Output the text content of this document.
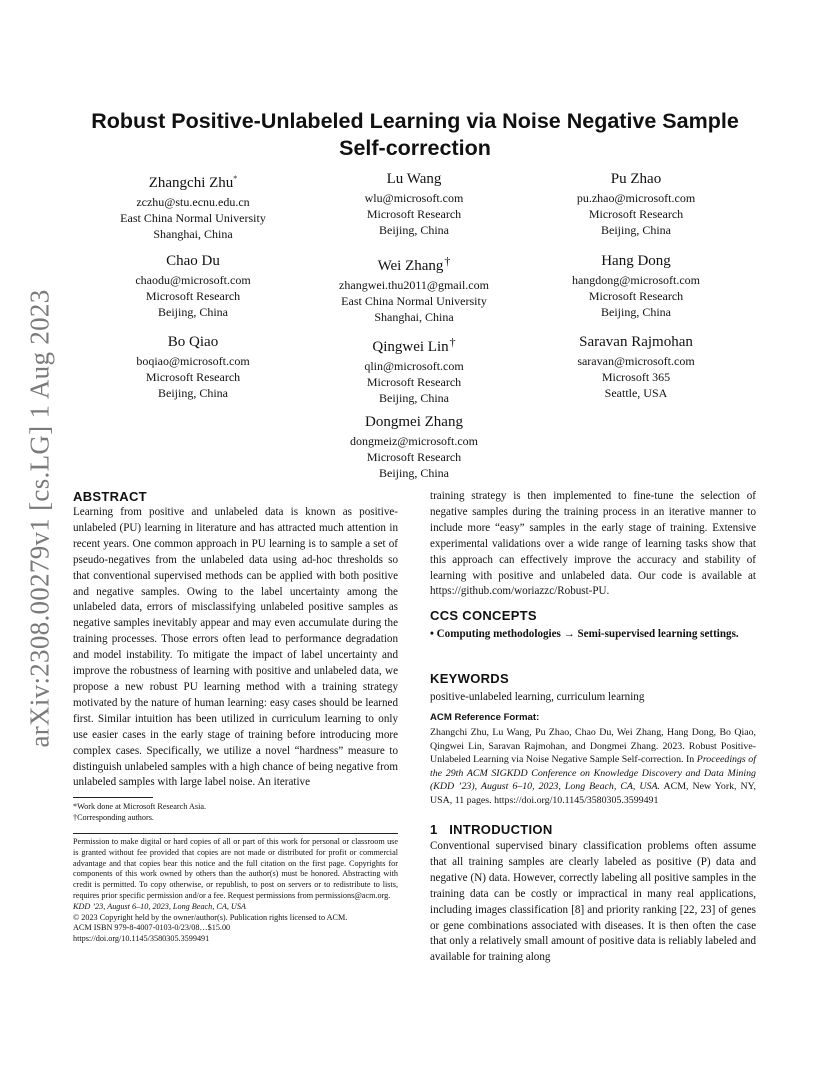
arXiv:2308.00279v1 [cs.LG] 1 Aug 2023
Robust Positive-Unlabeled Learning via Noise Negative Sample Self-correction
Zhangchi Zhu*
zczhu@stu.ecnu.edu.cn
East China Normal University
Shanghai, China
Lu Wang
wlu@microsoft.com
Microsoft Research
Beijing, China
Pu Zhao
pu.zhao@microsoft.com
Microsoft Research
Beijing, China
Chao Du
chaodu@microsoft.com
Microsoft Research
Beijing, China
Wei Zhang†
zhangwei.thu2011@gmail.com
East China Normal University
Shanghai, China
Hang Dong
hangdong@microsoft.com
Microsoft Research
Beijing, China
Bo Qiao
boqiao@microsoft.com
Microsoft Research
Beijing, China
Qingwei Lin†
qlin@microsoft.com
Microsoft Research
Beijing, China
Saravan Rajmohan
saravan@microsoft.com
Microsoft 365
Seattle, USA
Dongmei Zhang
dongmeiz@microsoft.com
Microsoft Research
Beijing, China
ABSTRACT

Learning from positive and unlabeled data is known as positive-unlabeled (PU) learning in literature and has attracted much attention in recent years. One common approach in PU learning is to sample a set of pseudo-negatives from the unlabeled data using ad-hoc thresholds so that conventional supervised methods can be applied with both positive and negative samples. Owing to the label uncertainty among the unlabeled data, errors of misclassifying unlabeled positive samples as negative samples inevitably appear and may even accumulate during the training processes. Those errors often lead to performance degradation and model instability. To mitigate the impact of label uncertainty and improve the robustness of learning with positive and unlabeled data, we propose a new robust PU learning method with a training strategy motivated by the nature of human learning: easy cases should be learned first. Similar intuition has been utilized in curriculum learning to only use easier cases in the early stage of training before introducing more complex cases. Specifically, we utilize a novel “hardness” measure to distinguish unlabeled samples with a high chance of being negative from unlabeled samples with large label noise. An iterative

*Work done at Microsoft Research Asia.
†Corresponding authors.
Permission to make digital or hard copies of all or part of this work for personal or classroom use is granted without fee provided that copies are not made or distributed for profit or commercial advantage and that copies bear this notice and the full citation on the first page. Copyrights for components of this work owned by others than the author(s) must be honored. Abstracting with credit is permitted. To copy otherwise, or republish, to post on servers or to redistribute to lists, requires prior specific permission and/or a fee. Request permissions from permissions@acm.org.
KDD ’23, August 6–10, 2023, Long Beach, CA, USA
© 2023 Copyright held by the owner/author(s). Publication rights licensed to ACM.
ACM ISBN 979-8-4007-0103-0/23/08…$15.00
https://doi.org/10.1145/3580305.3599491

training strategy is then implemented to fine-tune the selection of negative samples during the training process in an iterative manner to include more “easy” samples in the early stage of training. Extensive experimental validations over a wide range of learning tasks show that this approach can effectively improve the accuracy and stability of learning with positive and unlabeled data. Our code is available at https://github.com/woriazzc/Robust-PU.

CCS CONCEPTS

• Computing methodologies → Semi-supervised learning settings.

KEYWORDS

positive-unlabeled learning, curriculum learning

ACM Reference Format:

Zhangchi Zhu, Lu Wang, Pu Zhao, Chao Du, Wei Zhang, Hang Dong, Bo Qiao, Qingwei Lin, Saravan Rajmohan, and Dongmei Zhang. 2023. Robust Positive-Unlabeled Learning via Noise Negative Sample Self-correction. In Proceedings of the 29th ACM SIGKDD Conference on Knowledge Discovery and Data Mining (KDD ’23), August 6–10, 2023, Long Beach, CA, USA. ACM, New York, NY, USA, 11 pages. https://doi.org/10.1145/3580305.3599491

1   INTRODUCTION

Conventional supervised binary classification problems often assume that all training samples are clearly labeled as positive (P) data and negative (N) data. However, correctly labeling all positive samples in the training data can be costly or impractical in many real applications, including images classification [8] and priority ranking [22, 23] of genes or gene combinations associated with diseases. It is then often the case that only a relatively small amount of positive data is reliably labeled and available for training along
